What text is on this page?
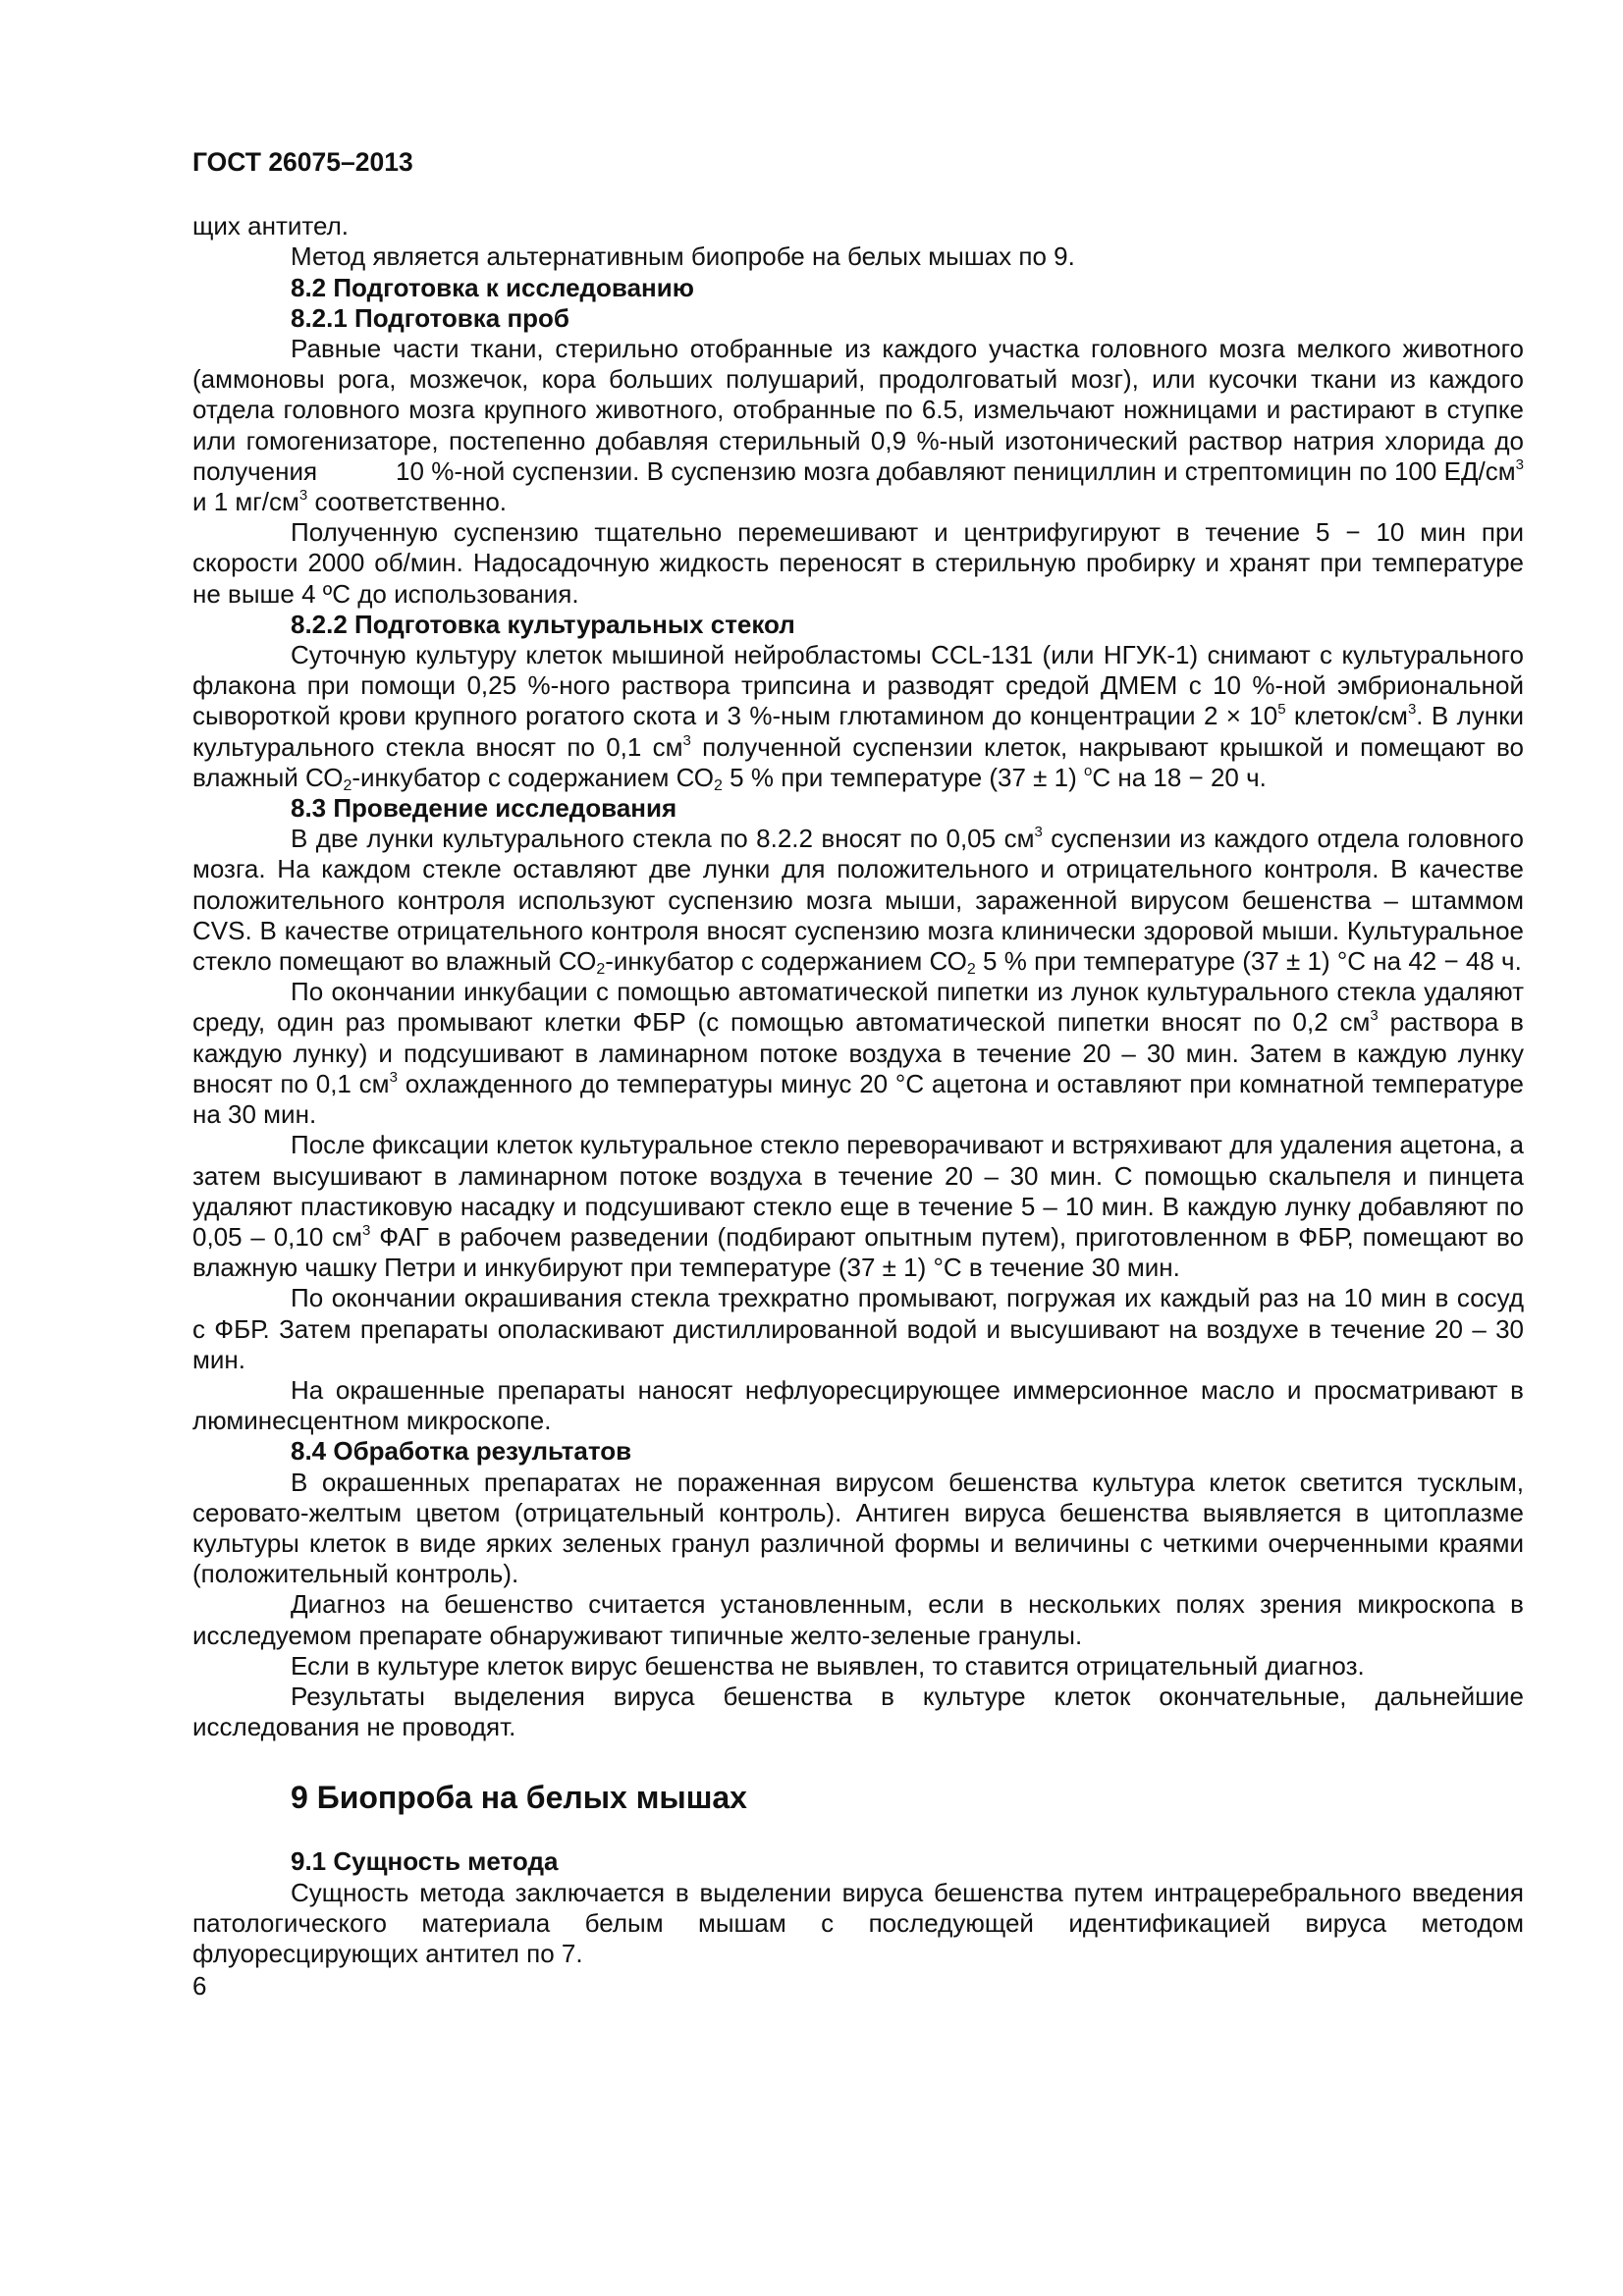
ГОСТ 26075–2013

щих антител.

Метод является альтернативным биопробе на белых мышах по 9.

8.2 Подготовка к исследованию
8.2.1 Подготовка проб

Равные части ткани, стерильно отобранные из каждого участка головного мозга мелкого животного (аммоновы рога, мозжечок, кора больших полушарий, продолговатый мозг), или кусочки ткани из каждого отдела головного мозга крупного животного, отобранные по 6.5, измельчают ножницами и растирают в ступке или гомогенизаторе, постепенно добавляя стерильный 0,9 %-ный изотонический раствор натрия хлорида до получения	10 %-ной суспензии. В суспензию мозга добавляют пенициллин и стрептомицин по 100 $ЕД/см^3$ и 1 $мг/см^3$ соответственно.

Полученную суспензию тщательно перемешивают и центрифугируют в течение 5 − 10 мин при скорости 2000 об/мин. Надосадочную жидкость переносят в стерильную пробирку и хранят при температуре не выше 4 ºС до использования.

8.2.2 Подготовка культуральных стекол

Суточную культуру клеток мышиной нейробластомы CCL-131 (или НГУК-1) снимают с культурального флакона при помощи 0,25 %-ного раствора трипсина и разводят средой ДМЕМ с 10 %-ной эмбриональной сывороткой крови крупного рогатого скота и 3 %-ным глютамином до концентрации $2 \times 10^5$ клеток/$см^3$. В лунки культурального стекла вносят по 0,1 $см^3$ полученной суспензии клеток, накрывают крышкой и помещают во влажный $СО_2$-инкубатор с содержанием $СО_2$ 5 % при температуре (37 ± 1) $^о$С на 18 − 20 ч.

8.3 Проведение исследования

В две лунки культурального стекла по 8.2.2 вносят по 0,05 $см^3$ суспензии из каждого отдела головного мозга. На каждом стекле оставляют две лунки для положительного и отрицательного контроля. В качестве положительного контроля используют суспензию мозга мыши, зараженной вирусом бешенства – штаммом CVS. В качестве отрицательного контроля вносят суспензию мозга клинически здоровой мыши. Культуральное стекло помещают во влажный $СО_2$-инкубатор с содержанием $СО_2$ 5 % при температуре (37 ± 1) °С на 42 − 48 ч.

По окончании инкубации с помощью автоматической пипетки из лунок культурального стекла удаляют среду, один раз промывают клетки ФБР (с помощью автоматической пипетки вносят по 0,2 $см^3$ раствора в каждую лунку) и подсушивают в ламинарном потоке воздуха в течение 20 – 30 мин. Затем в каждую лунку вносят по 0,1 $см^3$ охлажденного до температуры минус 20 °С ацетона и оставляют при комнатной температуре на 30 мин.

После фиксации клеток культуральное стекло переворачивают и встряхивают для удаления ацетона, а затем высушивают в ламинарном потоке воздуха в течение 20 – 30 мин. С помощью скальпеля и пинцета удаляют пластиковую насадку и подсушивают стекло еще в течение 5 – 10 мин. В каждую лунку добавляют по 0,05 – 0,10 $см^3$ ФАГ в рабочем разведении (подбирают опытным путем), приготовленном в ФБР, помещают во влажную чашку Петри и инкубируют при температуре (37 ± 1) °С в течение 30 мин.

По окончании окрашивания стекла трехкратно промывают, погружая их каждый раз на 10 мин в сосуд с ФБР. Затем препараты ополаскивают дистиллированной водой и высушивают на воздухе в течение 20 – 30 мин.

На окрашенные препараты наносят нефлуоресцирующее иммерсионное масло и просматривают в люминесцентном микроскопе.

8.4 Обработка результатов

В окрашенных препаратах не пораженная вирусом бешенства культура клеток светится тусклым, серовато-желтым цветом (отрицательный контроль). Антиген вируса бешенства выявляется в цитоплазме культуры клеток в виде ярких зеленых гранул различной формы и величины с четкими очерченными краями (положительный контроль).

Диагноз на бешенство считается установленным, если в нескольких полях зрения микроскопа в исследуемом препарате обнаруживают типичные желто-зеленые гранулы.

Если в культуре клеток вирус бешенства не выявлен, то ставится отрицательный диагноз.

Результаты выделения вируса бешенства в культуре клеток окончательные, дальнейшие исследования не проводят.

9 Биопроба на белых мышах
9.1 Сущность метода

Сущность метода заключается в выделении вируса бешенства путем интрацеребрального введения патологического материала белым мышам с последующей идентификацией вируса методом флуоресцирующих антител по 7.

6
